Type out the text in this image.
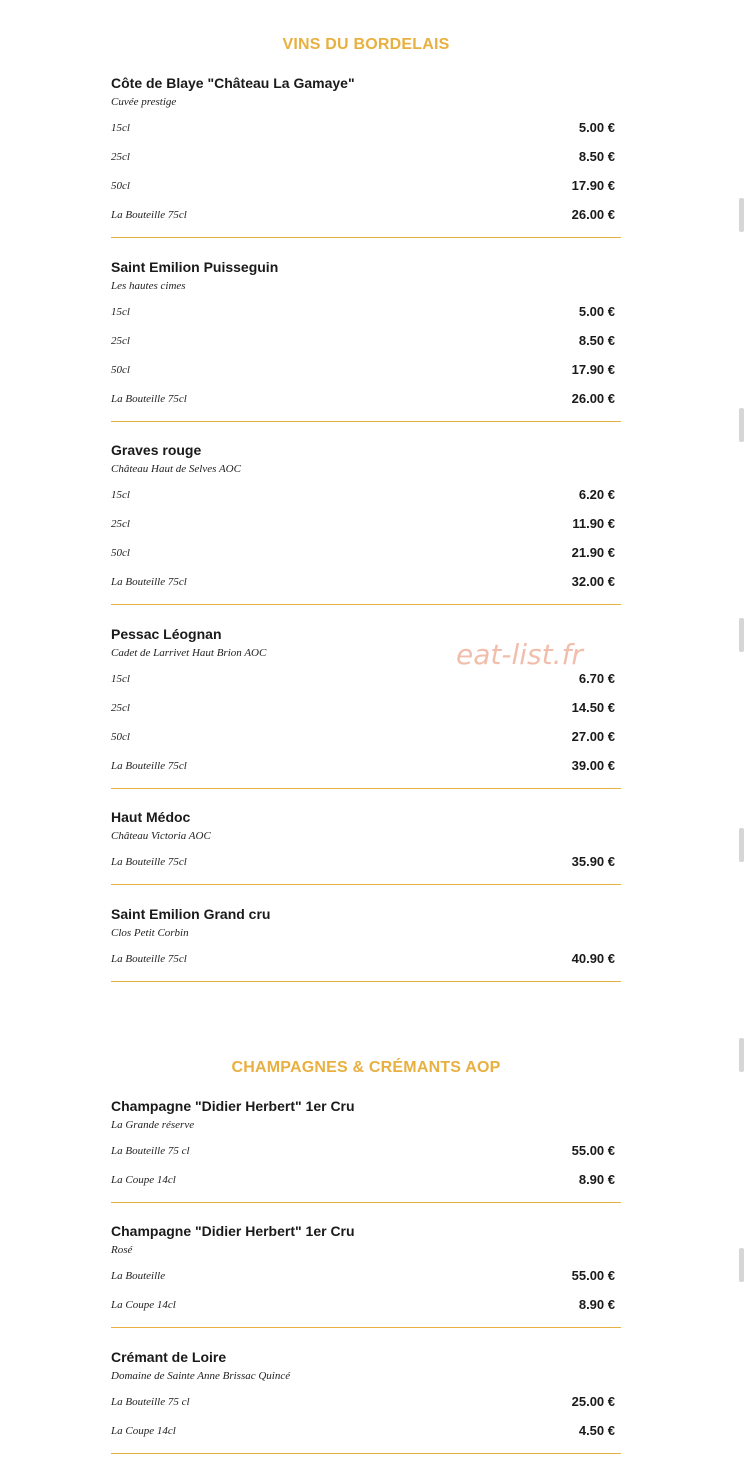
VINS DU BORDELAIS
Côte de Blaye "Château La Gamaye"
Cuvée prestige
15cl	5.00 €
25cl	8.50 €
50cl	17.90 €
La Bouteille 75cl	26.00 €
Saint Emilion Puisseguin
Les hautes cimes
15cl	5.00 €
25cl	8.50 €
50cl	17.90 €
La Bouteille 75cl	26.00 €
Graves rouge
Château Haut de Selves AOC
15cl	6.20 €
25cl	11.90 €
50cl	21.90 €
La Bouteille 75cl	32.00 €
Pessac Léognan
Cadet de Larrivet Haut Brion AOC
15cl	6.70 €
25cl	14.50 €
50cl	27.00 €
La Bouteille 75cl	39.00 €
Haut Médoc
Château Victoria AOC
La Bouteille 75cl	35.90 €
Saint Emilion Grand cru
Clos Petit Corbin
La Bouteille 75cl	40.90 €
CHAMPAGNES & CRÉMANTS AOP
Champagne "Didier Herbert" 1er Cru
La Grande réserve
La Bouteille 75 cl	55.00 €
La Coupe 14cl	8.90 €
Champagne "Didier Herbert" 1er Cru
Rosé
La Bouteille	55.00 €
La Coupe 14cl	8.90 €
Crémant de Loire
Domaine de Sainte Anne Brissac Quincé
La Bouteille 75 cl	25.00 €
La Coupe 14cl	4.50 €
eat-list.fr
